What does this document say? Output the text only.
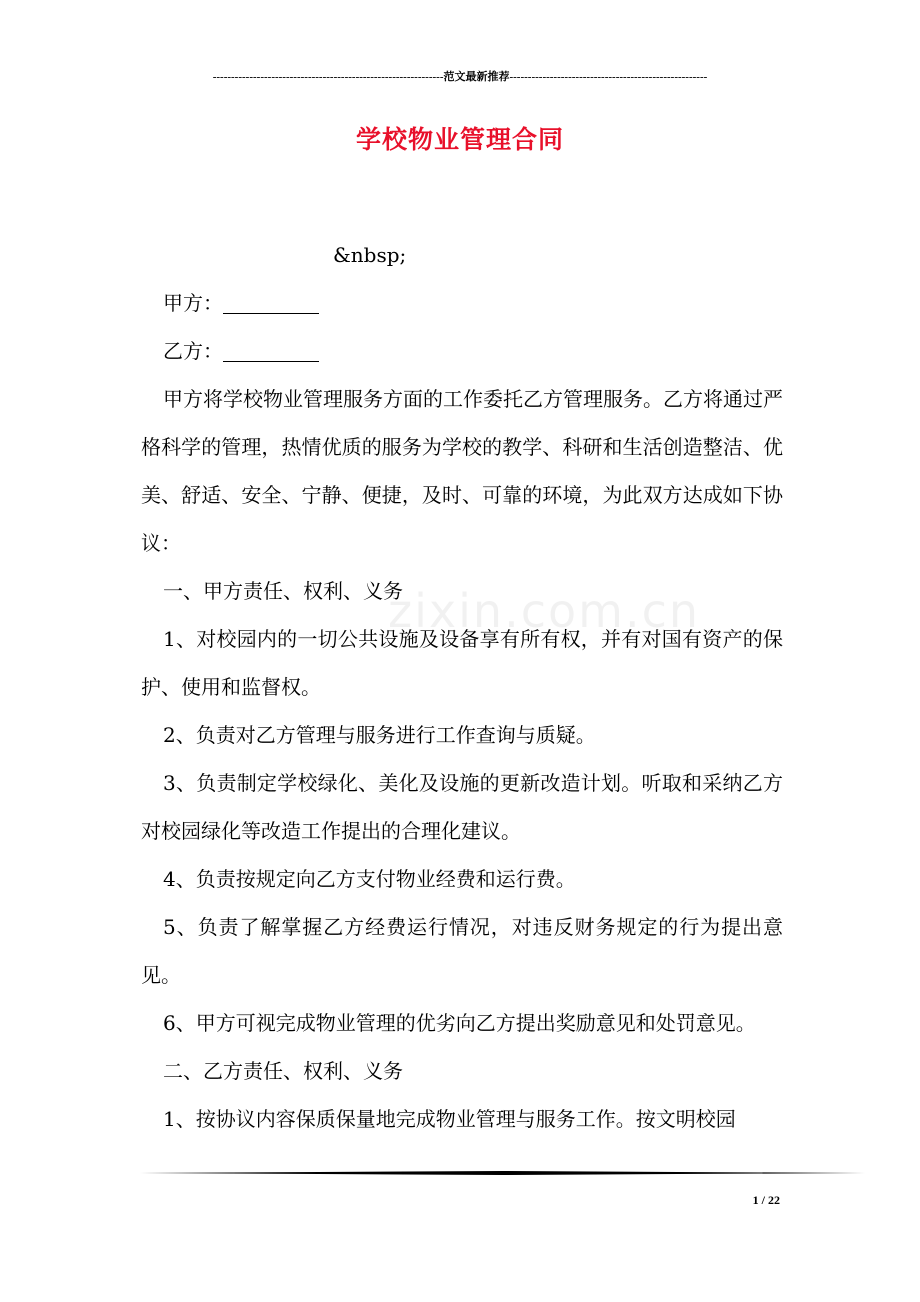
---------------------------------------------------------------范文最新推荐------------------------------------------------------
学校物业管理合同
zixin.com.cn

&nbsp;

甲方：

乙方：

甲方将学校物业管理服务方面的工作委托乙方管理服务。乙方将通过严格科学的管理，热情优质的服务为学校的教学、科研和生活创造整洁、优美、舒适、安全、宁静、便捷，及时、可靠的环境，为此双方达成如下协议：

一、甲方责任、权利、义务

1、对校园内的一切公共设施及设备享有所有权，并有对国有资产的保护、使用和监督权。

2、负责对乙方管理与服务进行工作查询与质疑。

3、负责制定学校绿化、美化及设施的更新改造计划。听取和采纳乙方对校园绿化等改造工作提出的合理化建议。

4、负责按规定向乙方支付物业经费和运行费。

5、负责了解掌握乙方经费运行情况，对违反财务规定的行为提出意见。

6、甲方可视完成物业管理的优劣向乙方提出奖励意见和处罚意见。

二、乙方责任、权利、义务

1、按协议内容保质保量地完成物业管理与服务工作。按文明校园

1 / 22
